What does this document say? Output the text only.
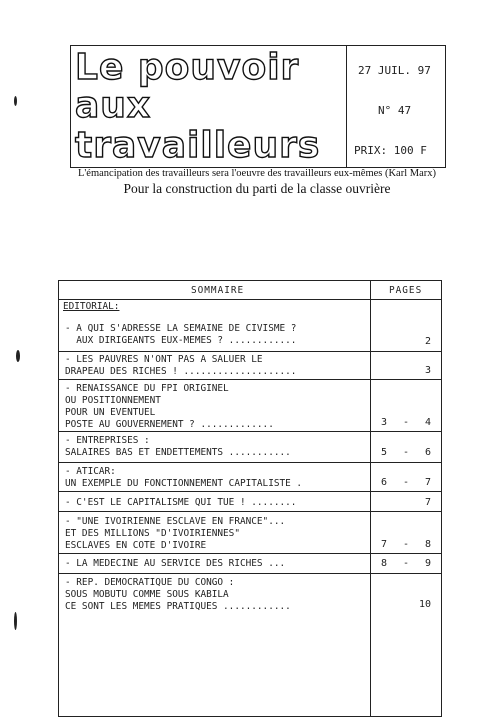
Le pouvoir
aux
travailleurs
27 JUIL. 97
N° 47
PRIX: 100 F
L'émancipation des travailleurs sera l'oeuvre des travailleurs eux-mêmes (Karl Marx)
Pour la construction du parti de la classe ouvrière
SOMMAIRE	PAGES
EDITORIAL:
- A QUI S'ADRESSE LA SEMAINE DE CIVISME ?
AUX DIRIGEANTS EUX-MEMES ? ............	2
- LES PAUVRES N'ONT PAS A SALUER LE
DRAPEAU DES RICHES ! ....................	3
- RENAISSANCE DU FPI ORIGINEL
OU POSITIONNEMENT
POUR UN EVENTUEL
POSTE AU GOUVERNEMENT ? .............	3 - 4
- ENTREPRISES :
SALAIRES BAS ET ENDETTEMENTS ...........	5 - 6
- ATICAR:
UN EXEMPLE DU FONCTIONNEMENT CAPITALISTE .	6 - 7
- C'EST LE CAPITALISME QUI TUE ! ........	7
- "UNE IVOIRIENNE ESCLAVE EN FRANCE"...
ET DES MILLIONS "D'IVOIRIENNES"
ESCLAVES EN COTE D'IVOIRE	7 - 8
- LA MEDECINE AU SERVICE DES RICHES ...	8 - 9
- REP. DEMOCRATIQUE DU CONGO :
SOUS MOBUTU COMME SOUS KABILA
CE SONT LES MEMES PRATIQUES ............	10
